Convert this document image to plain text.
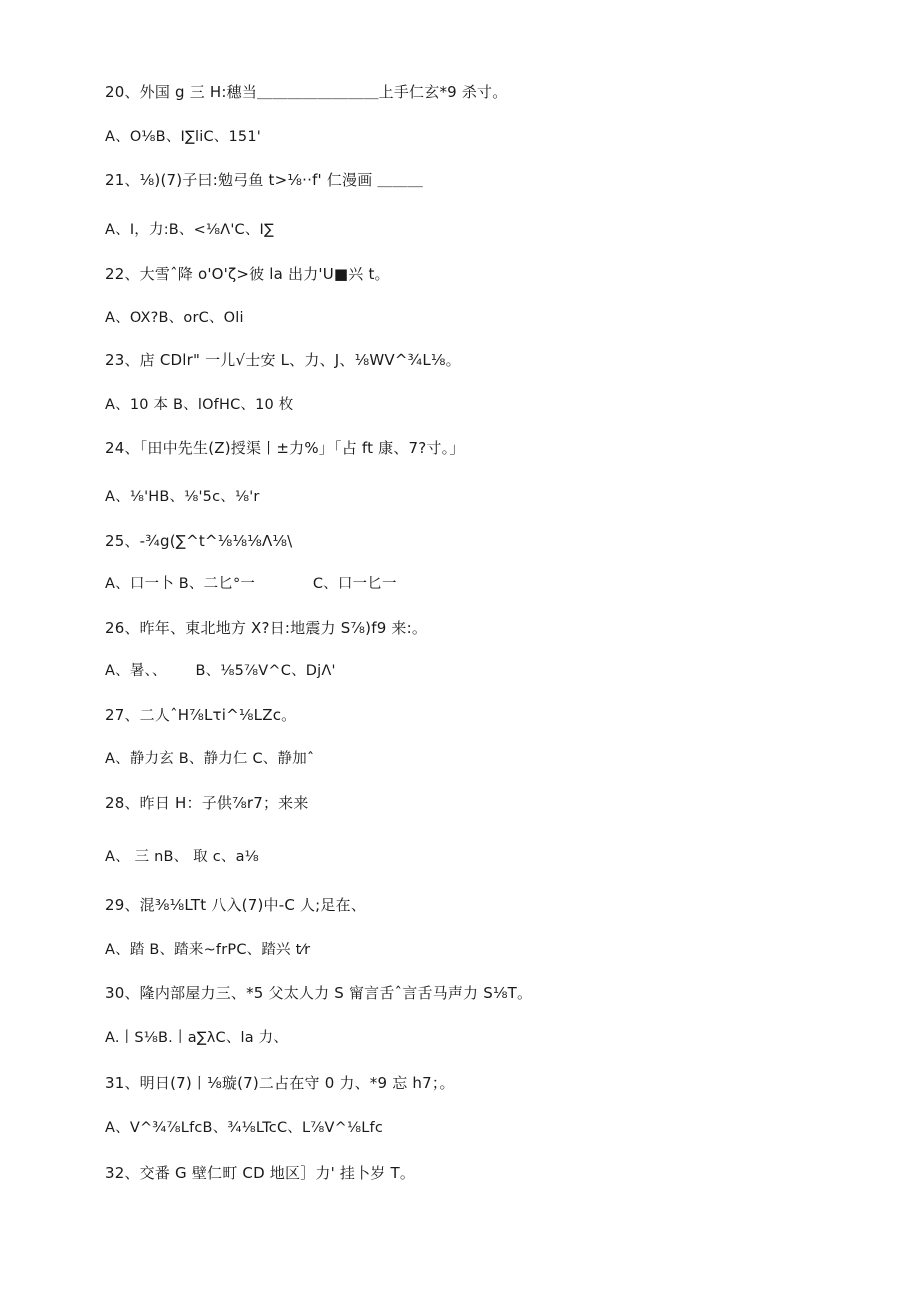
20、外国 g 三 H:穗当＿＿＿＿＿＿＿＿上手仁玄*9 杀寸。
A、O⅛B、I∑liC、151'
21、⅛)(7)子曰:勉弓鱼 t>⅛··f' 仁漫画 ＿＿＿
A、I，力:B、<⅛Λ'C、I∑
22、大雪ˆ降 o'O'ζ>彼 la 出力'U■兴 t。
A、OX?B、orC、Oli
23、店 CDlr" 一儿√士安 L、力、J、⅛WV^¾L⅛。
A、10 本 B、lOfHC、10 枚
24、「田中先生(Z)授渠丨±力%」「占 ft 康、7?寸。」
A、⅛'HB、⅛'5c、⅛'r
25、-¾g(∑^t^⅛⅛⅛Λ⅛\
A、口一卜 B、二匕°一            C、口一匕一
26、昨年、東北地方 X?日:地震力 S⅞)f9 来:。
A、暑、、      B、⅛5⅞V^C、DjΛ'
27、二人ˆH⅞Lτi^⅛LZc。
A、静力玄 B、静力仁 C、静加ˆ
28、昨日 H：子供⅞r7；来来
A、 三 nB、 取 c、a⅛
29、混⅜⅛LTt 八入(7)中-C 人;足在、
A、踏 B、踏来~frPC、踏兴 t⁄r
30、隆内部屋力三、*5 父太人力 S 甯言舌ˆ言舌马声力 S⅛T。
A.丨S⅛B.丨a∑λC、la 力、
31、明日(7)丨⅛璇(7)二占在守 0 力、*9 忘 h7；。
A、V^¾⅞LfcB、¾⅛LTcC、L⅞V^⅛Lfc
32、交番 G 壁仁町 CD 地区］力' 挂卜岁 T。
